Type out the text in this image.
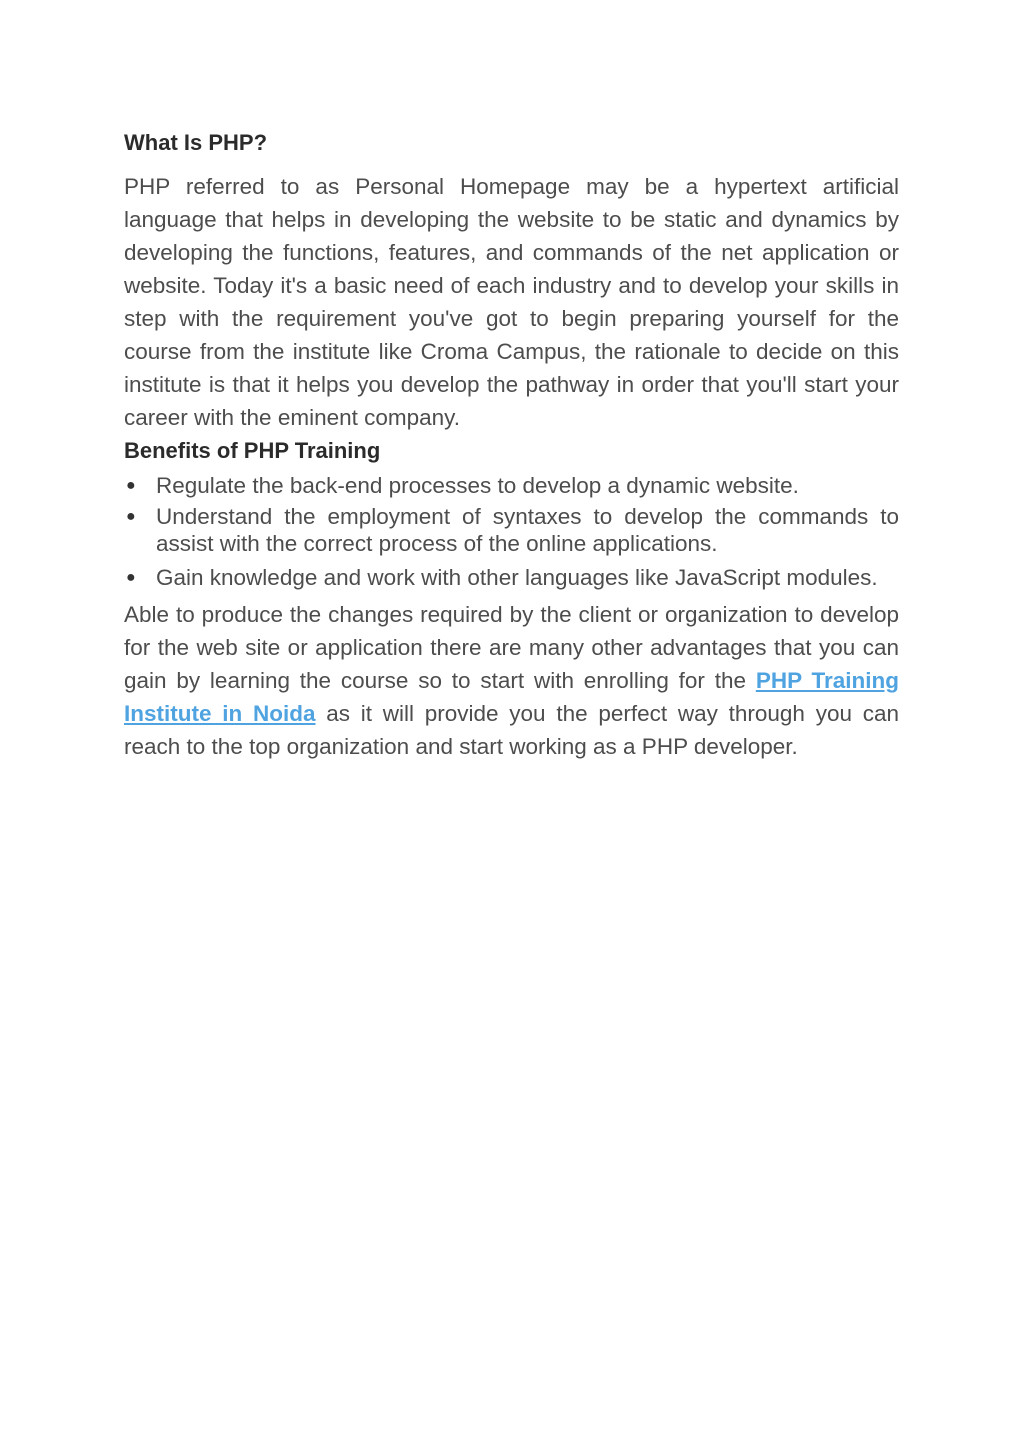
What Is PHP?

PHP referred to as Personal Homepage may be a hypertext artificial language that helps in developing the website to be static and dynamics by developing the functions, features, and commands of the net application or website. Today it's a basic need of each industry and to develop your skills in step with the requirement you've got to begin preparing yourself for the course from the institute like Croma Campus, the rationale to decide on this institute is that it helps you develop the pathway in order that you'll start your career with the eminent company.

Benefits of PHP Training
● Regulate the back-end processes to develop a dynamic website.
● Understand the employment of syntaxes to develop the commands to assist with the correct process of the online applications.
● Gain knowledge and work with other languages like JavaScript modules.

Able to produce the changes required by the client or organization to develop for the web site or application there are many other advantages that you can gain by learning the course so to start with enrolling for the PHP Training Institute in Noida as it will provide you the perfect way through you can reach to the top organization and start working as a PHP developer.
